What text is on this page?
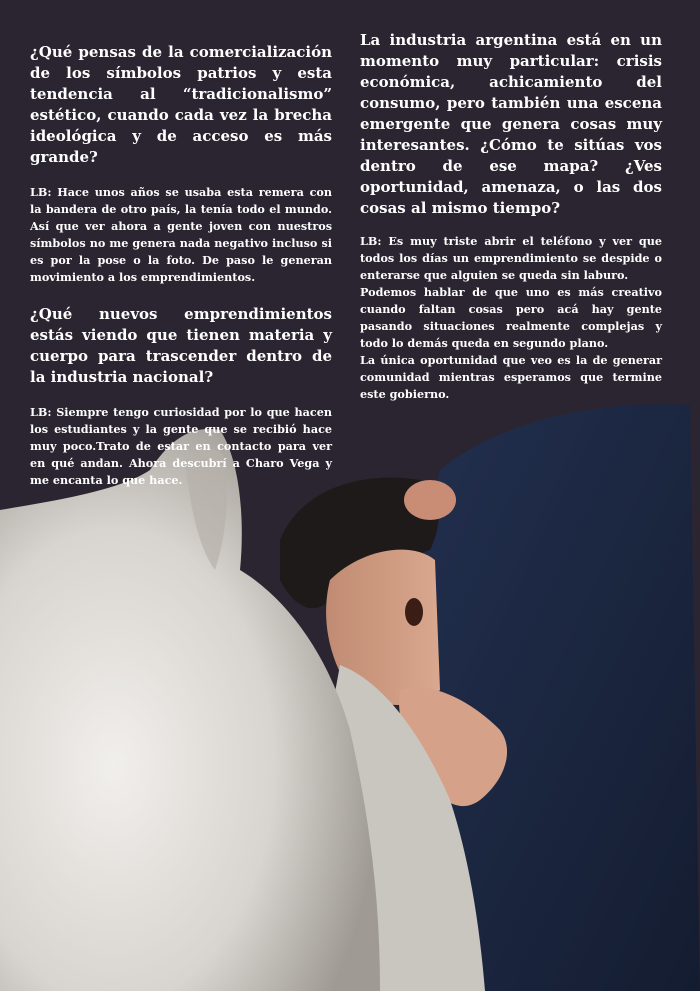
¿Qué pensas de la comercialización de los símbolos patrios y esta tendencia al “tradicionalismo” estético, cuando cada vez la brecha ideológica y de acceso es más grande?

LB: Hace unos años se usaba esta remera con la bandera de otro país, la tenía todo el mundo. Así que ver ahora a gente joven con nuestros símbolos no me genera nada negativo incluso si es por la pose o la foto. De paso le generan movimiento a los emprendimientos.

¿Qué nuevos emprendimientos estás viendo que tienen materia y cuerpo para trascender dentro de la industria nacional?

LB: Siempre tengo curiosidad por lo que hacen los estudiantes y la gente que se recibió hace muy poco.Trato de estar en contacto para ver en qué andan. Ahora descubrí a Charo Vega y me encanta lo que hace.

La industria argentina está en un momento muy particular: crisis económica, achicamiento del consumo, pero también una escena emergente que genera cosas muy interesantes. ¿Cómo te sitúas vos dentro de ese mapa? ¿Ves oportunidad, amenaza, o las dos cosas al mismo tiempo?

LB: Es muy triste abrir el teléfono y ver que todos los días un emprendimiento se despide o enterarse que alguien se queda sin laburo.

Podemos hablar de que uno es más creativo cuando faltan cosas pero acá hay gente pasando situaciones realmente complejas y todo lo demás queda en segundo plano.

La única oportunidad que veo es la de generar comunidad mientras esperamos que termine este gobierno.
